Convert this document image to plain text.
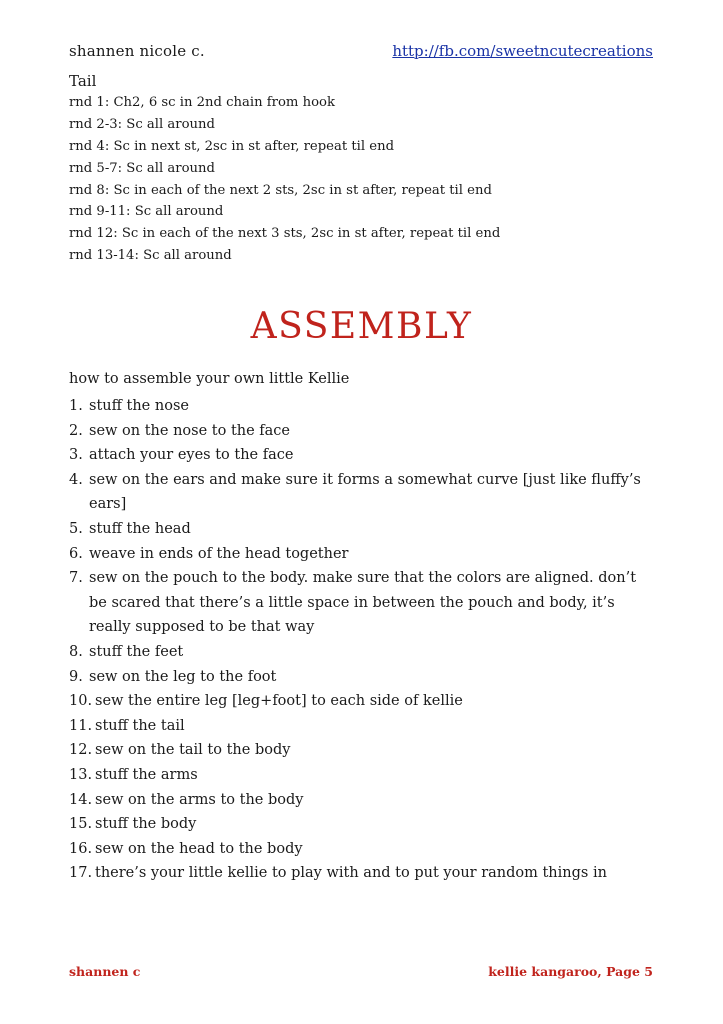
shannen nicole c.	http://fb.com/sweetncutecreations
Tail
rnd 1: Ch2, 6 sc in 2nd chain from hook
rnd 2-3: Sc all around
rnd 4: Sc in next st, 2sc in st after, repeat til end
rnd 5-7: Sc all around
rnd 8: Sc in each of the next 2 sts, 2sc in st after, repeat til end
rnd 9-11: Sc all around
rnd 12: Sc in each of the next 3 sts, 2sc in st after, repeat til end
rnd 13-14: Sc all around
ASSEMBLY
how to assemble your own little Kellie
1. stuff the nose
2. sew on the nose to the face
3. attach your eyes to the face
4. sew on the ears and make sure it forms a somewhat curve [just like fluffy’s ears]
5. stuff the head
6. weave in ends of the head together
7. sew on the pouch to the body. make sure that the colors are aligned. don’t be scared that there’s a little space in between the pouch and body, it’s really supposed to be that way
8. stuff the feet
9. sew on the leg to the foot
10. sew the entire leg [leg+foot] to each side of kellie
11. stuff the tail
12. sew on the tail to the body
13. stuff the arms
14. sew on the arms to the body
15. stuff the body
16. sew on the head to the body
17. there’s your little kellie to play with and to put your random things in
shannen c	kellie kangaroo, Page 5
